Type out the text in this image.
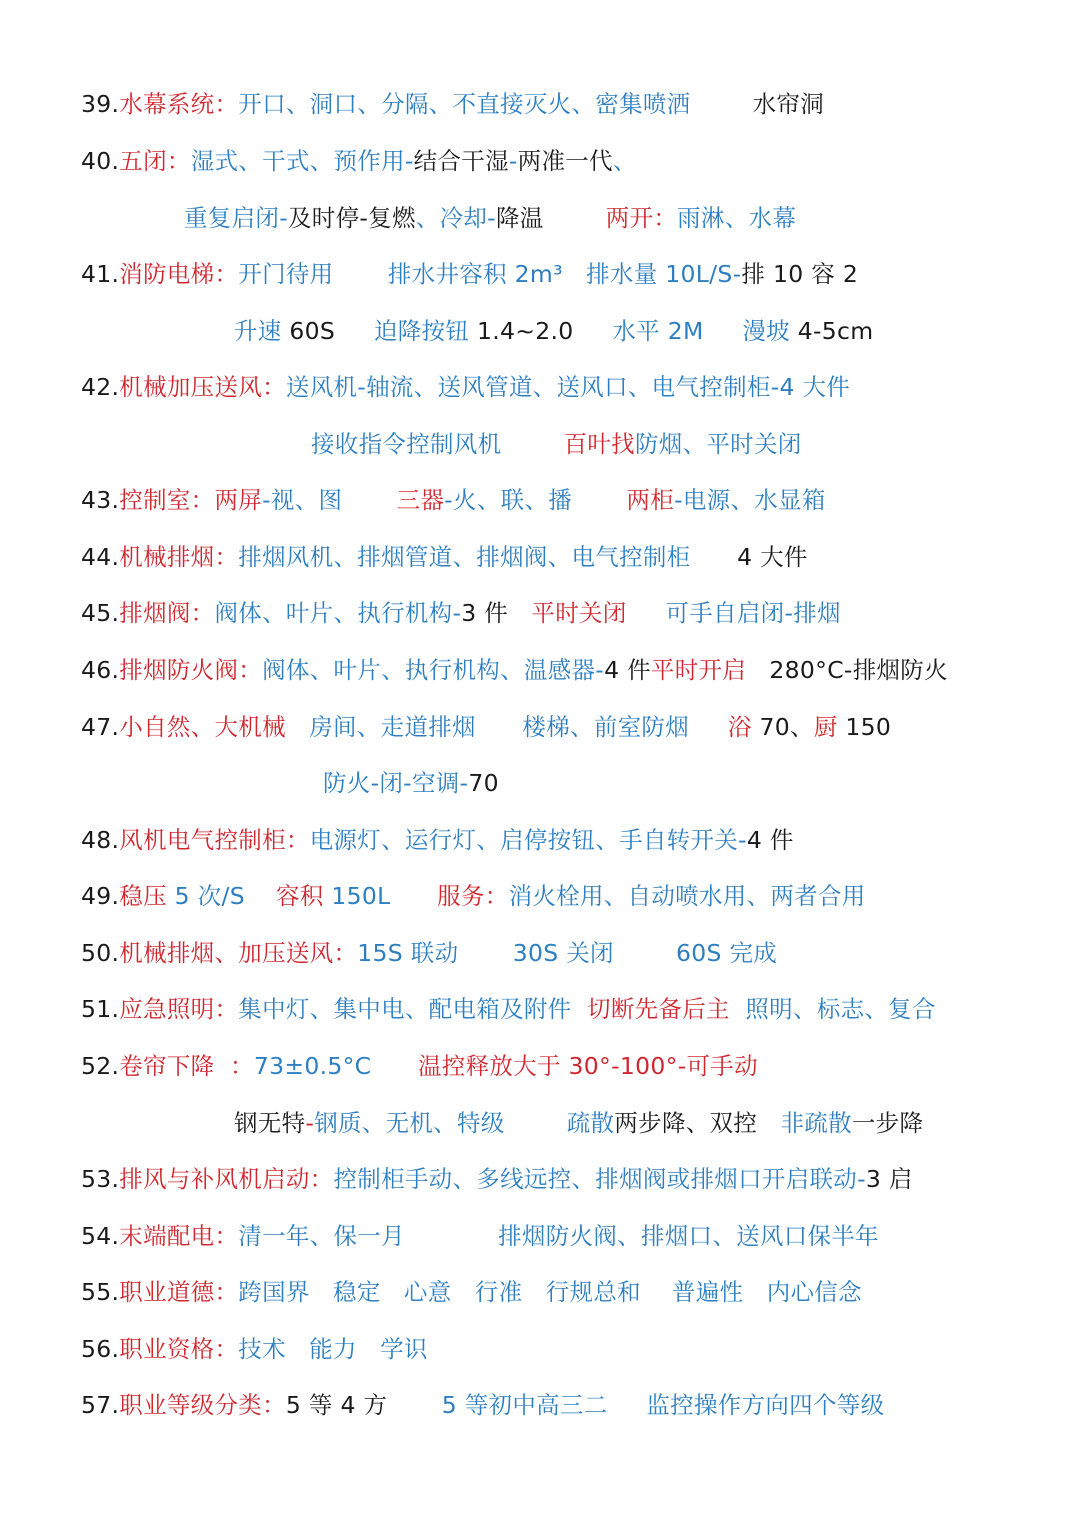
39.水幕系统：开口、洞口、分隔、不直接灭火、密集喷洒        水帘洞
40.五闭：湿式、干式、预作用-结合干湿-两准一代、
重复启闭-及时停-复燃、冷却-降温        两开：雨淋、水幕
41.消防电梯：开门待用       排水井容积 2m³   排水量 10L/S-排 10 容 2
升速 60S     迫降按钮 1.4~2.0     水平 2M     漫坡 4-5cm
42.机械加压送风：送风机-轴流、送风管道、送风口、电气控制柜-4 大件
接收指令控制风机        百叶找防烟、平时关闭
43.控制室：两屏-视、图       三器-火、联、播       两柜-电源、水显箱
44.机械排烟：排烟风机、排烟管道、排烟阀、电气控制柜      4 大件
45.排烟阀：阀体、叶片、执行机构-3 件   平时关闭     可手自启闭-排烟
46.排烟防火阀：阀体、叶片、执行机构、温感器-4 件平时开启   280°C-排烟防火
47.小自然、大机械   房间、走道排烟      楼梯、前室防烟     浴 70、厨 150
防火-闭-空调-70
48.风机电气控制柜：电源灯、运行灯、启停按钮、手自转开关-4 件
49.稳压 5 次/S    容积 150L      服务：消火栓用、自动喷水用、两者合用
50.机械排烟、加压送风：15S 联动       30S 关闭        60S 完成
51.应急照明：集中灯、集中电、配电箱及附件  切断先备后主  照明、标志、复合
52.卷帘下降  ：73±0.5°C      温控释放大于 30°-100°-可手动
钢无特-钢质、无机、特级        疏散两步降、双控   非疏散一步降
53.排风与补风机启动：控制柜手动、多线远控、排烟阀或排烟口开启联动-3 启
54.末端配电：清一年、保一月            排烟防火阀、排烟口、送风口保半年
55.职业道德：跨国界   稳定   心意   行准   行规总和    普遍性   内心信念
56.职业资格：技术   能力   学识
57.职业等级分类：5 等 4 方       5 等初中高三二     监控操作方向四个等级
